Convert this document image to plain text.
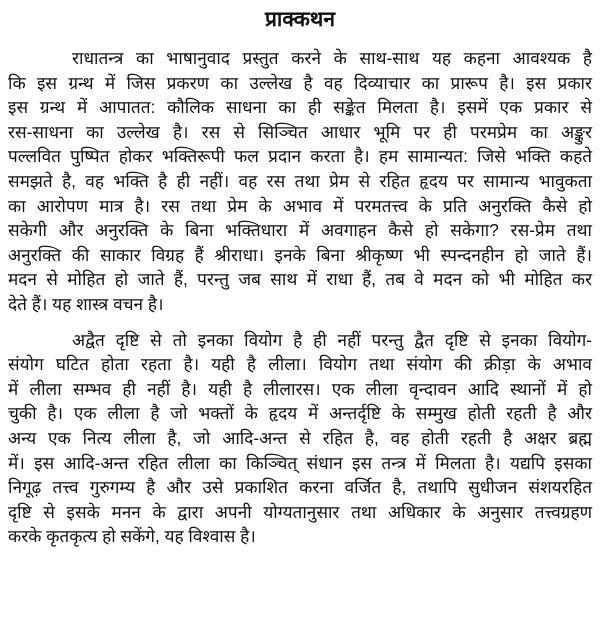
प्राक्कथन

राधातन्त्र का भाषानुवाद प्रस्तुत करने के साथ-साथ यह कहना आवश्यक है
कि इस ग्रन्थ में जिस प्रकरण का उल्लेख है वह दिव्याचार का प्रारूप है। इस प्रकार
इस ग्रन्थ में आपातत: कौलिक साधना का ही सङ्केत मिलता है। इसमें एक प्रकार से
रस-साधना का उल्लेख है। रस से सिञ्चित आधार भूमि पर ही परमप्रेम का अङ्कुर
पल्लवित पुष्पित होकर भक्तिरूपी फल प्रदान करता है। हम सामान्यत: जिसे भक्ति कहते
समझते है, वह भक्ति है ही नहीं। वह रस तथा प्रेम से रहित हृदय पर सामान्य भावुकता
का आरोपण मात्र है। रस तथा प्रेम के अभाव में परमतत्त्व के प्रति अनुरक्ति कैसे हो
सकेगी और अनुरक्ति के बिना भक्तिधारा में अवगाहन कैसे हो सकेगा? रस-प्रेम तथा
अनुरक्ति की साकार विग्रह हैं श्रीराधा। इनके बिना श्रीकृष्ण भी स्पन्दनहीन हो जाते हैं।
मदन से मोहित हो जाते हैं, परन्तु जब साथ में राधा हैं, तब वे मदन को भी मोहित कर
देते हैं। यह शास्त्र वचन है।

अद्वैत दृष्टि से तो इनका वियोग है ही नहीं परन्तु द्वैत दृष्टि से इनका वियोग-
संयोग घटित होता रहता है। यही है लीला। वियोग तथा संयोग की क्रीड़ा के अभाव
में लीला सम्भव ही नहीं है। यही है लीलारस। एक लीला वृन्दावन आदि स्थानों में हो
चुकी है। एक लीला है जो भक्तों के हृदय में अन्तर्दृष्टि के सम्मुख होती रहती है और
अन्य एक नित्य लीला है, जो आदि-अन्त से रहित है, वह होती रहती है अक्षर ब्रह्म
में। इस आदि-अन्त रहित लीला का किञ्चित् संधान इस तन्त्र में मिलता है। यद्यपि इसका
निगूढ़ तत्त्व गुरुगम्य है और उसे प्रकाशित करना वर्जित है, तथापि सुधीजन संशयरहित
दृष्टि से इसके मनन के द्वारा अपनी योग्यतानुसार तथा अधिकार के अनुसार तत्त्वग्रहण
करके कृतकृत्य हो सकेंगे, यह विश्वास है।
